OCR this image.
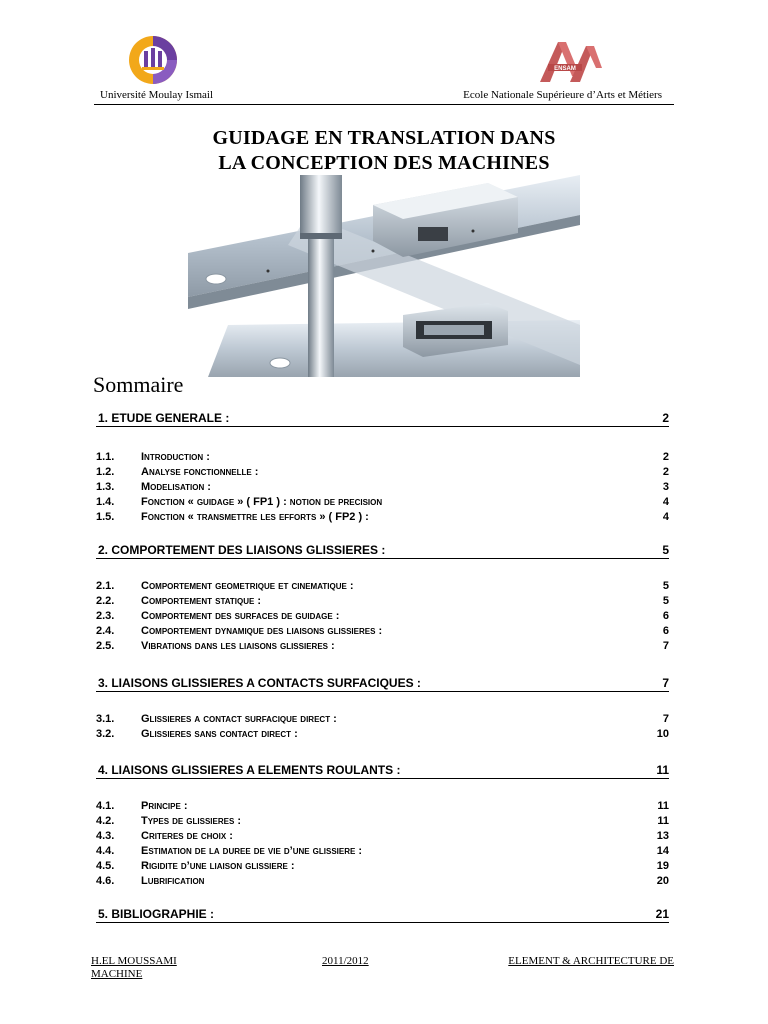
ENSAM
Université Moulay Ismail	Ecole Nationale Supérieure d’Arts et Métiers
GUIDAGE EN TRANSLATION DANS
LA CONCEPTION DES MACHINES
Sommaire
1. ETUDE GENERALE :	2
1.1.	Introduction :	2
1.2.	Analyse fonctionnelle :	2
1.3.	Modelisation :	3
1.4.	Fonction « guidage » ( FP1 ) : notion de precision	4
1.5.	Fonction « transmettre les efforts » ( FP2 ) :	4
2. COMPORTEMENT DES LIAISONS GLISSIERES :	5
2.1.	Comportement geometrique et cinematique :	5
2.2.	Comportement statique :	5
2.3.	Comportement des surfaces de guidage :	6
2.4.	Comportement dynamique des liaisons glissieres :	6
2.5.	Vibrations dans les liaisons glissieres :	7
3. LIAISONS GLISSIERES A CONTACTS SURFACIQUES :	7
3.1.	Glissieres a contact surfacique direct :	7
3.2.	Glissieres sans contact direct :	10
4. LIAISONS GLISSIERES A ELEMENTS ROULANTS :	11
4.1.	Principe :	11
4.2.	Types de glissieres :	11
4.3.	Criteres de choix :	13
4.4.	Estimation de la duree de vie d’une glissiere :	14
4.5.	Rigidite d’une liaison glissiere :	19
4.6.	Lubrification	20
5. BIBLIOGRAPHIE :	21
H.EL MOUSSAMI	2011/2012	ELEMENT & ARCHITECTURE DE
MACHINE
